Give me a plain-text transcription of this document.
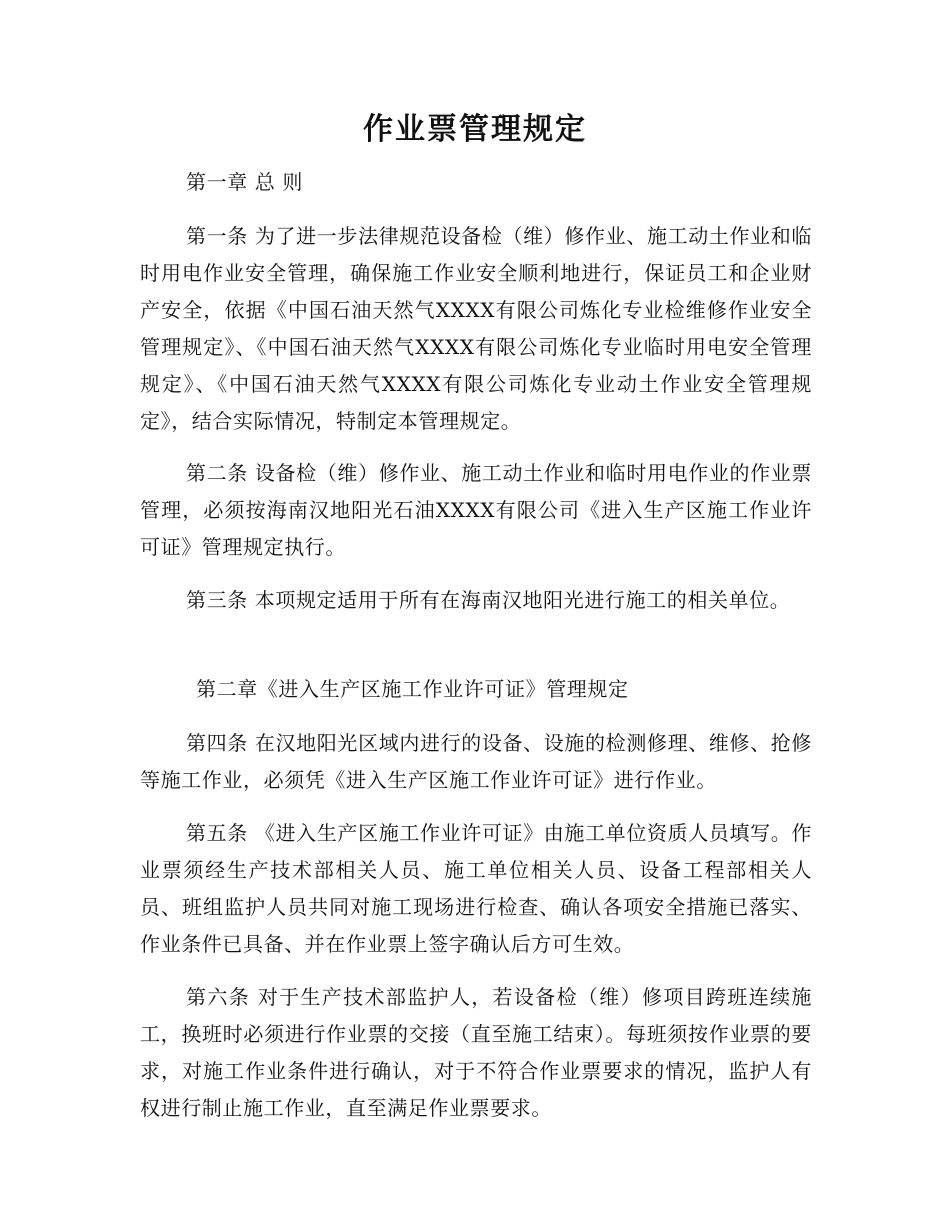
作业票管理规定
第一章 总 则
第一条 为了进一步法律规范设备检（维）修作业、施工动土作业和临时用电作业安全管理，确保施工作业安全顺利地进行，保证员工和企业财产安全，依据《中国石油天然气XXXX有限公司炼化专业检维修作业安全管理规定》、《中国石油天然气XXXX有限公司炼化专业临时用电安全管理规定》、《中国石油天然气XXXX有限公司炼化专业动土作业安全管理规定》，结合实际情况，特制定本管理规定。
第二条 设备检（维）修作业、施工动土作业和临时用电作业的作业票管理，必须按海南汉地阳光石油XXXX有限公司《进入生产区施工作业许可证》管理规定执行。
第三条 本项规定适用于所有在海南汉地阳光进行施工的相关单位。
第二章《进入生产区施工作业许可证》管理规定
第四条 在汉地阳光区域内进行的设备、设施的检测修理、维修、抢修等施工作业，必须凭《进入生产区施工作业许可证》进行作业。
第五条 《进入生产区施工作业许可证》由施工单位资质人员填写。作业票须经生产技术部相关人员、施工单位相关人员、设备工程部相关人员、班组监护人员共同对施工现场进行检查、确认各项安全措施已落实、作业条件已具备、并在作业票上签字确认后方可生效。
第六条 对于生产技术部监护人，若设备检（维）修项目跨班连续施工，换班时必须进行作业票的交接（直至施工结束）。每班须按作业票的要求，对施工作业条件进行确认，对于不符合作业票要求的情况，监护人有权进行制止施工作业，直至满足作业票要求。
